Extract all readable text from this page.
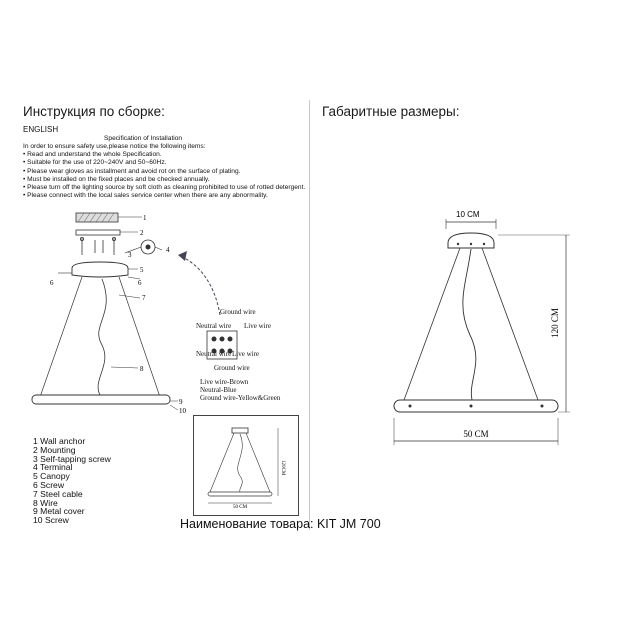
Инструкция по сборке:	Габаритные размеры:
ENGLISH
Specification of Installation
In order to ensure safety use,please notice the following items:
• Read and understand the whole Specification.
• Suitable for the use of 220~240V and 50~60Hz.
• Please wear gloves as installment and avoid rot on the surface of plating.
• Must be installed on the fixed places and be checked annually.
• Please turn off the lighting source by soft cloth as cleaning prohibited to use of rotted detergent.
• Please connect with the local sales service center when there are any abnormality.
1
2
3
4
5
6	6
7
8
9
10
Ground wire
Neutral wire Live wire
Neutral wire Live wire
Ground wire
Live wire-Brown
Neutral-Blue
Ground wire-Yellow&Green
1 Wall anchor
2 Mounting
3 Self-tapping screw
4 Terminal
5 Canopy
6 Screw
7 Steel cable
8 Wire
9 Metal cover
10 Screw
50 CM
120CM
10 CM
120 CM
50 CM
Наименование товара: KIT JM 700
